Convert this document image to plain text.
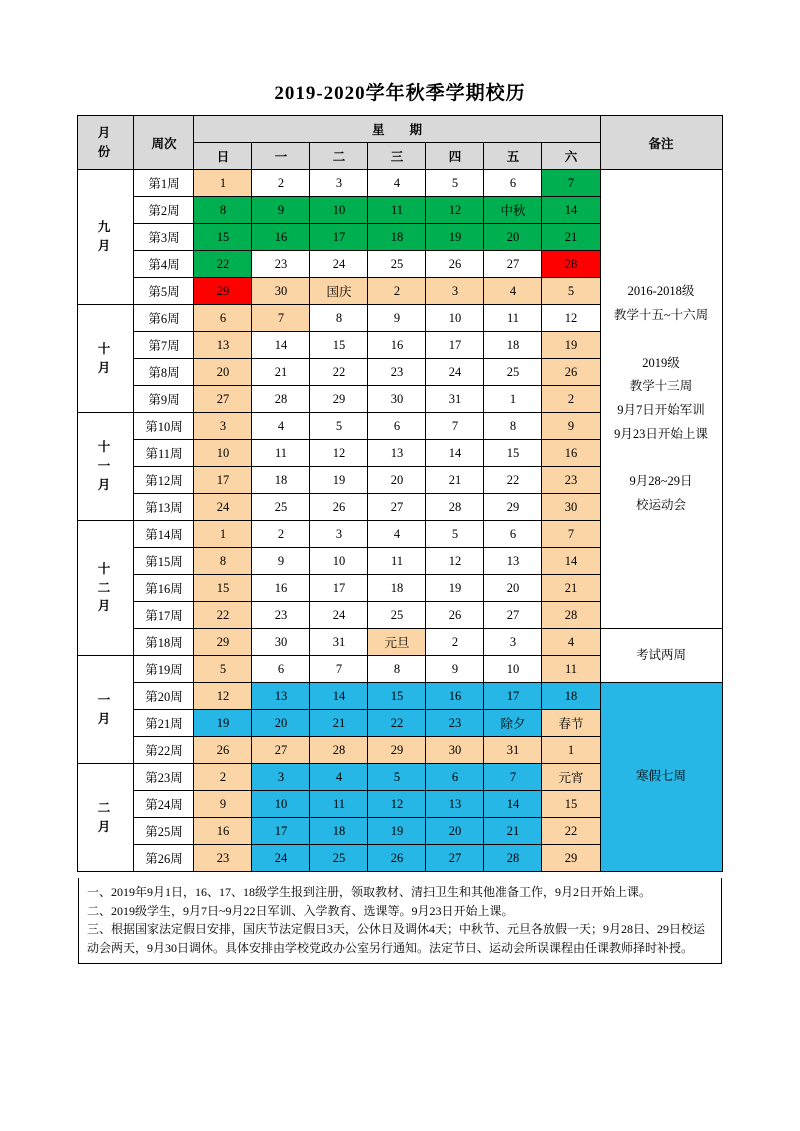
2019-2020学年秋季学期校历
月
份	周次	星　　期							备注
		日	一	二	三	四	五	六	

九
月
	第1周	1	2	3	4	5	6	7	
2016-2018级
教学十五~十六周

2019级
教学十三周
9月7日开始军训
9月23日开始上课

9月28~29日
校运动会

	第2周	8	9	10	11	12	中秋	14	
	第3周	15	16	17	18	19	20	21	
	第4周	22	23	24	25	26	27	28	
	第5周	29	30	国庆	2	3	4	5	

十
月	第6周	6	7	8	9	10	11	12	
	第7周	13	14	15	16	17	18	19	
	第8周	20	21	22	23	24	25	26	
	第9周	27	28	29	30	31	1	2	

十
一
月	第10周	3	4	5	6	7	8	9	
	第11周	10	11	12	13	14	15	16	
	第12周	17	18	19	20	21	22	23	
	第13周	24	25	26	27	28	29	30	

十
二
月	第14周	1	2	3	4	5	6	7	
	第15周	8	9	10	11	12	13	14	
	第16周	15	16	17	18	19	20	21	
	第17周	22	23	24	25	26	27	28	
	第18周	29	30	31	元旦	2	3	4	考试两周

一
月	第19周	5	6	7	8	9	10	11	
	第20周	12	13	14	15	16	17	18	寒假七周

	第21周	19	20	21	22	23	除夕	春节	
	第22周	26	27	28	29	30	31	1	

二
月	第23周	2	3	4	5	6	7	元宵	
	第24周	9	10	11	12	13	14	15	
	第25周	16	17	18	19	20	21	22	
	第26周	23	24	25	26	27	28	29	
一、2019年9月1日，16、17、18级学生报到注册，领取教材、清扫卫生和其他准备工作，9月2日开始上课。
二、2019级学生，9月7日~9月22日军训、入学教育、选课等。9月23日开始上课。
三、根据国家法定假日安排，国庆节法定假日3天，公休日及调休4天；中秋节、元旦各放假一天；9月28日、29日校运动会两天，9月30日调休。具体安排由学校党政办公室另行通知。法定节日、运动会所误课程由任课教师择时补授。
